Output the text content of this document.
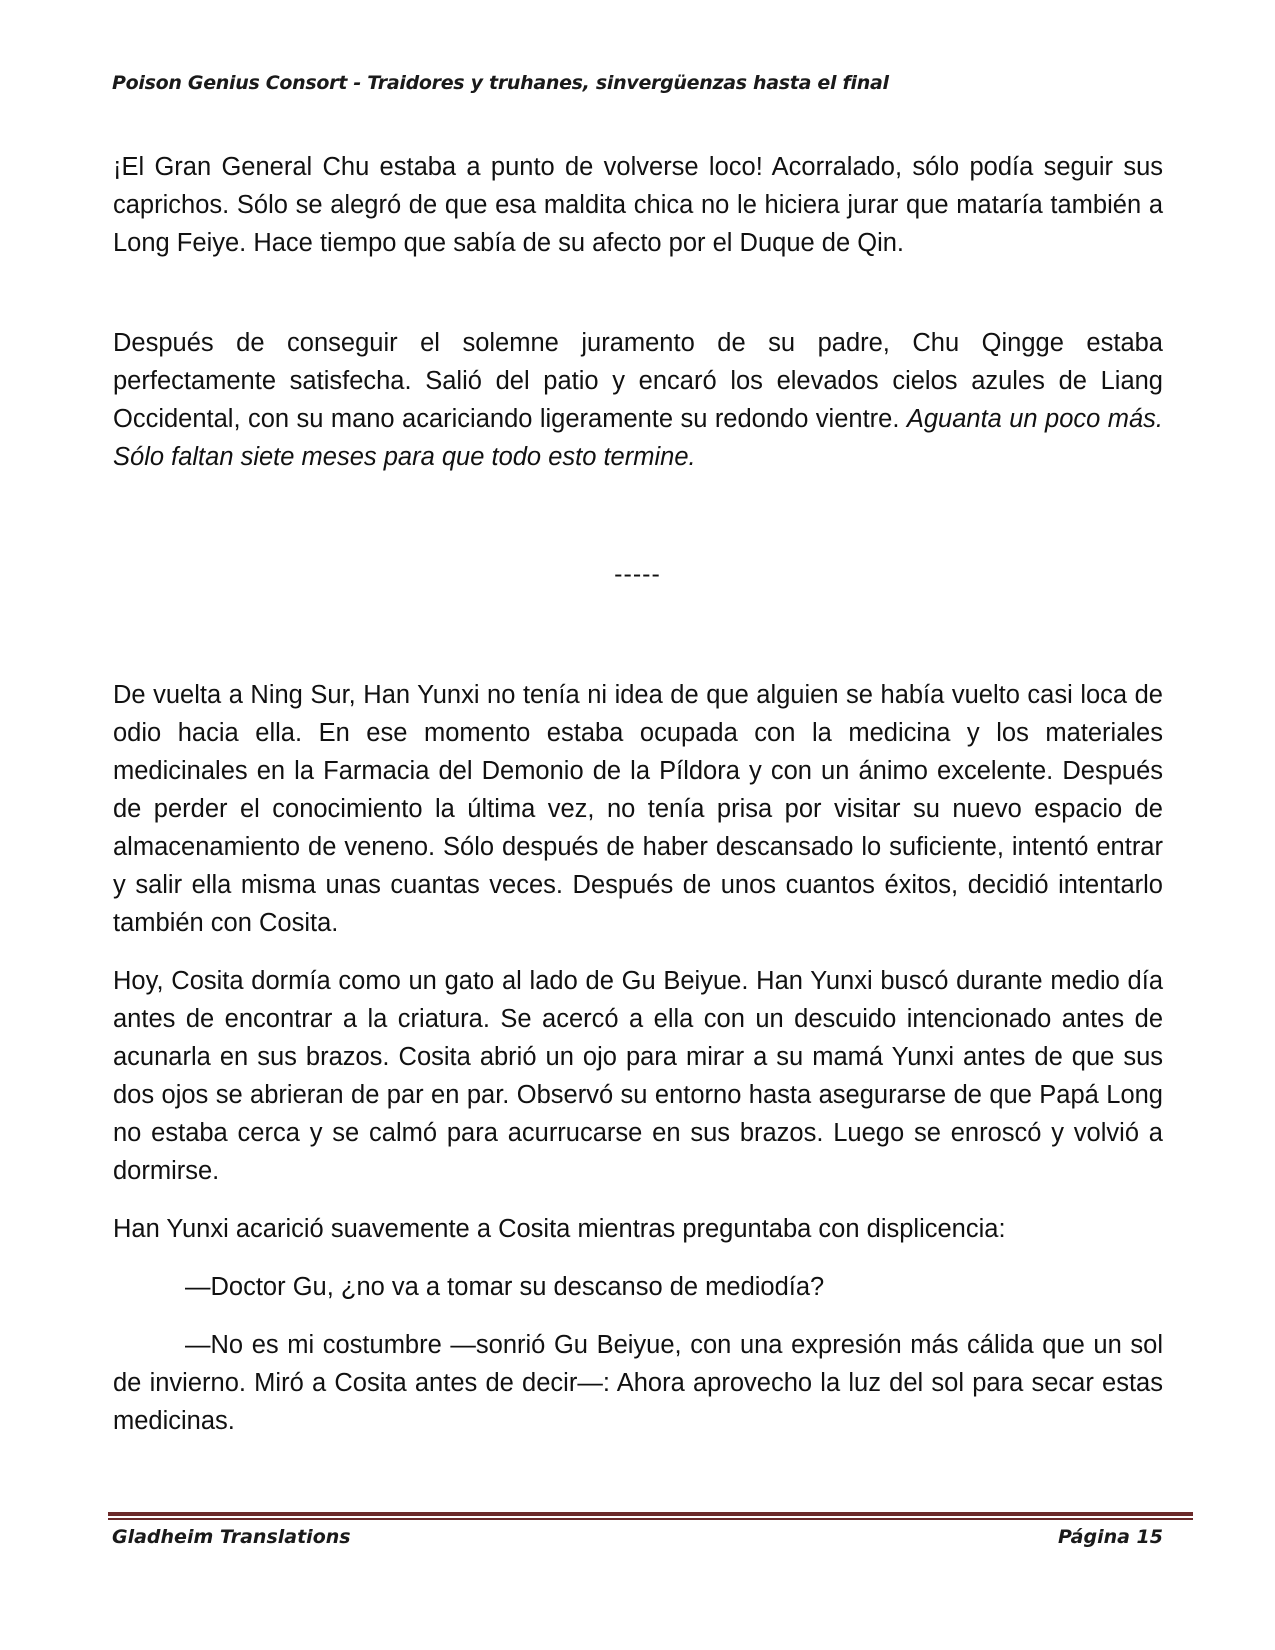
Poison Genius Consort - Traidores y truhanes, sinvergüenzas hasta el final

¡El Gran General Chu estaba a punto de volverse loco! Acorralado, sólo podía seguir sus caprichos. Sólo se alegró de que esa maldita chica no le hiciera jurar que mataría también a Long Feiye. Hace tiempo que sabía de su afecto por el Duque de Qin.

Después de conseguir el solemne juramento de su padre, Chu Qingge estaba perfectamente satisfecha. Salió del patio y encaró los elevados cielos azules de Liang Occidental, con su mano acariciando ligeramente su redondo vientre. Aguanta un poco más. Sólo faltan siete meses para que todo esto termine.

-----

De vuelta a Ning Sur, Han Yunxi no tenía ni idea de que alguien se había vuelto casi loca de odio hacia ella. En ese momento estaba ocupada con la medicina y los materiales medicinales en la Farmacia del Demonio de la Píldora y con un ánimo excelente. Después de perder el conocimiento la última vez, no tenía prisa por visitar su nuevo espacio de almacenamiento de veneno. Sólo después de haber descansado lo suficiente, intentó entrar y salir ella misma unas cuantas veces. Después de unos cuantos éxitos, decidió intentarlo también con Cosita.

Hoy, Cosita dormía como un gato al lado de Gu Beiyue. Han Yunxi buscó durante medio día antes de encontrar a la criatura. Se acercó a ella con un descuido intencionado antes de acunarla en sus brazos. Cosita abrió un ojo para mirar a su mamá Yunxi antes de que sus dos ojos se abrieran de par en par. Observó su entorno hasta asegurarse de que Papá Long no estaba cerca y se calmó para acurrucarse en sus brazos. Luego se enroscó y volvió a dormirse.

Han Yunxi acarició suavemente a Cosita mientras preguntaba con displicencia:

—Doctor Gu, ¿no va a tomar su descanso de mediodía?

—No es mi costumbre —sonrió Gu Beiyue, con una expresión más cálida que un sol de invierno. Miró a Cosita antes de decir—: Ahora aprovecho la luz del sol para secar estas medicinas.

Gladheim Translations	Página 15
